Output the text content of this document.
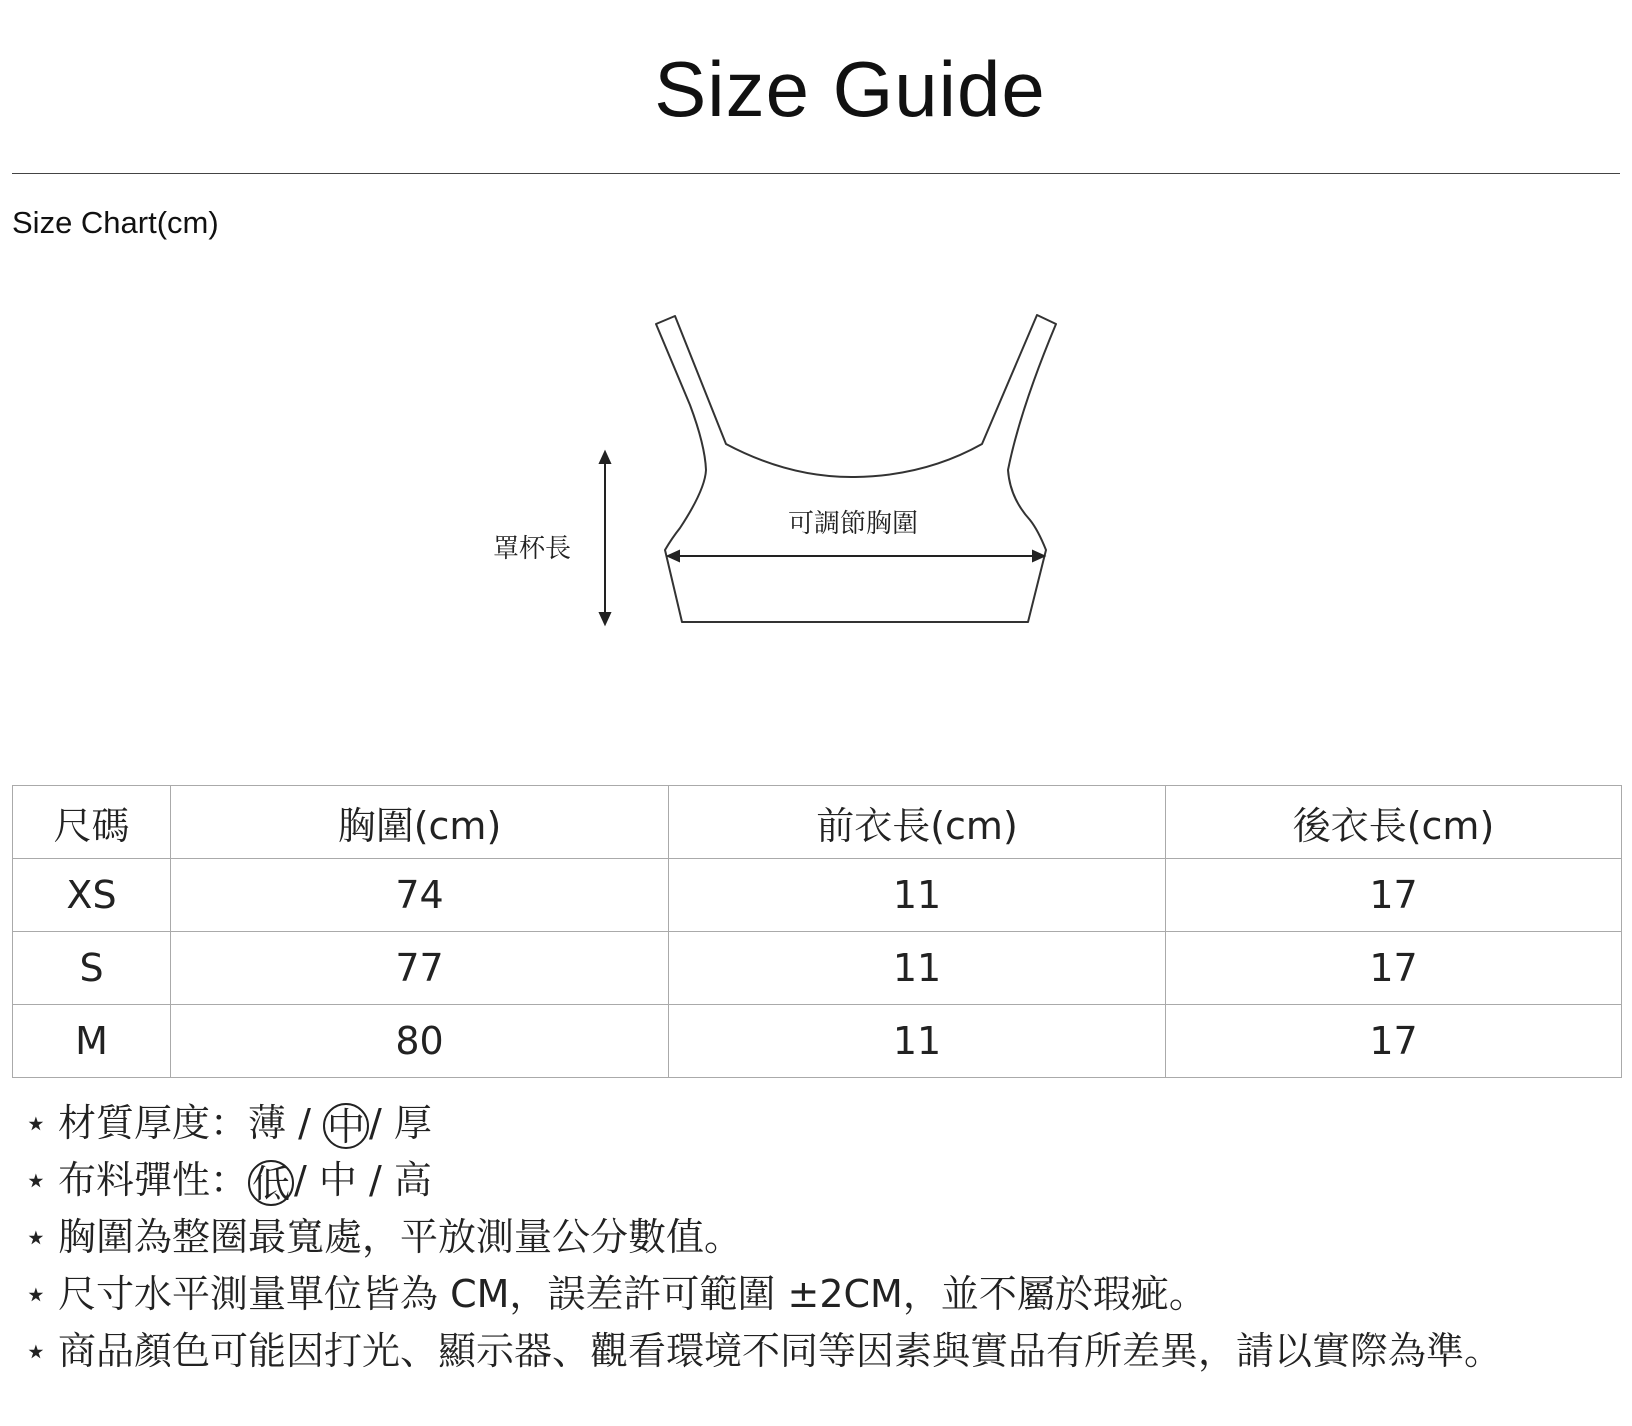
Size Guide
Size Chart(cm)
罩杯長
可調節胸圍
尺碼	胸圍(cm)	前衣長(cm)	後衣長(cm)
XS	74	11	17
S	77	11	17
M	80	11	17
⋆ 材質厚度：薄 / 中 / 厚
⋆ 布料彈性： 低 / 中 / 高
⋆ 胸圍為整圈最寬處，平放測量公分數值。
⋆ 尺寸水平測量單位皆為 CM，誤差許可範圍 ±2CM，並不屬於瑕疵。
⋆ 商品顏色可能因打光、顯示器、觀看環境不同等因素與實品有所差異，請以實際為準。
